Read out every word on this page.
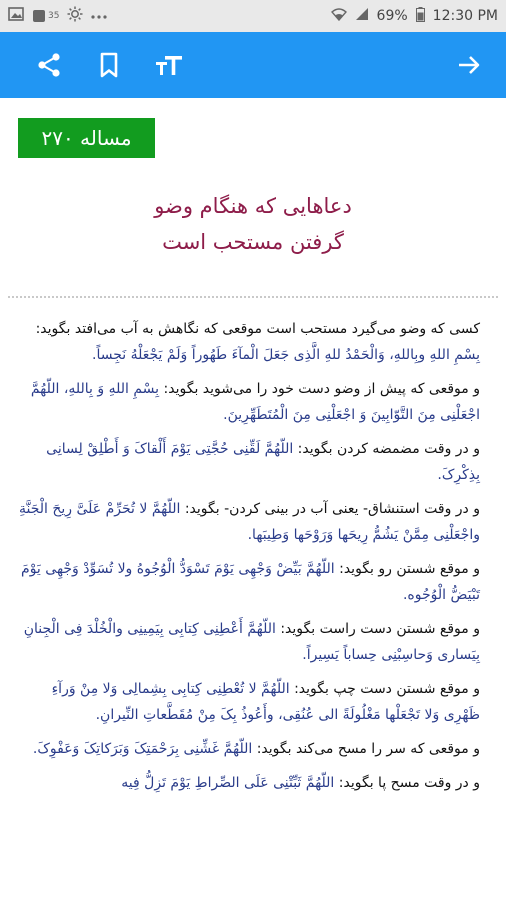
35	69% 12:30 PM
مساله ۲۷۰
دعاهایی که هنگام وضو
گرفتن مستحب است

کسی که وضو می‌گیرد مستحب است موقعی که نگاهش به آب می‌افتد بگوید: بِسْمِ اللهِ وبِاللهِ، وَالْحَمْدُ للهِ الَّذِی جَعَلَ الْمآءَ طَهُوراً وَلَمْ یَجْعَلْهُ نَجِساً.

و موقعی که پیش از وضو دست خود را می‌شوید بگوید: بِسْمِ اللهِ وَ بِاللهِ، اللّهُمَّ اجْعَلْنِی مِنَ التَّوّابِینَ وَ اجْعَلْنِی مِنَ الْمُتَطَهِّرِینَ.

و در وقت مضمضه کردن بگوید: اللّهُمَّ لَقِّنِی حُجَّتِی یَوْمَ أَلْقاکَ وَ أَطْلِقْ لِسانِی بِذِکْرِکَ.

و در وقت استنشاق- یعنی آب در بینی کردن- بگوید: اللّهُمَّ لا تُحَرِّمْ عَلَیَّ رِیحَ الْجَنَّةِ واجْعَلْنِی مِمَّنْ یَشُمُّ رِیحَها وَرَوْحَها وَطِیبَها.

و موقع شستن رو بگوید: اللّهُمَّ بَیِّضْ وَجْهِی یَوْمَ تَسْوَدُّ الْوُجُوهُ ولا تُسَوِّدْ وَجْهِی یَوْمَ تَبْیَضُّ الْوُجُوه.

و موقع شستن دست راست بگوید: اللّهُمَّ أَعْطِنِی کِتابِی بِیَمِینِی والْخُلْدَ فِی الْجِنانِ بِیَساری وَحاسِبْنِی حِساباً یَسِیراً.

و موقع شستن دست چپ بگوید: اللّهُمَّ لا تُعْطِنِی کِتابِی بِشِمالِی وَلا مِنْ وَرآءِ ظَهْرِی وَلا تَجْعَلْها مَغْلُولَةً الی عُنُقِی، وأَعُوذُ بِکَ مِنْ مُقَطَّعاتِ النِّیرانِ.

و موقعی که سر را مسح می‌کند بگوید: اللّهُمَّ غَشِّنِی بِرَحْمَتِکَ وَبَرَکاتِکَ وَعَفْوِکَ.

و در وقت مسح پا بگوید: اللّهُمَّ ثَبِّتْنِی عَلَی الصِّراطِ یَوْمَ تَزِلُّ فِیه
